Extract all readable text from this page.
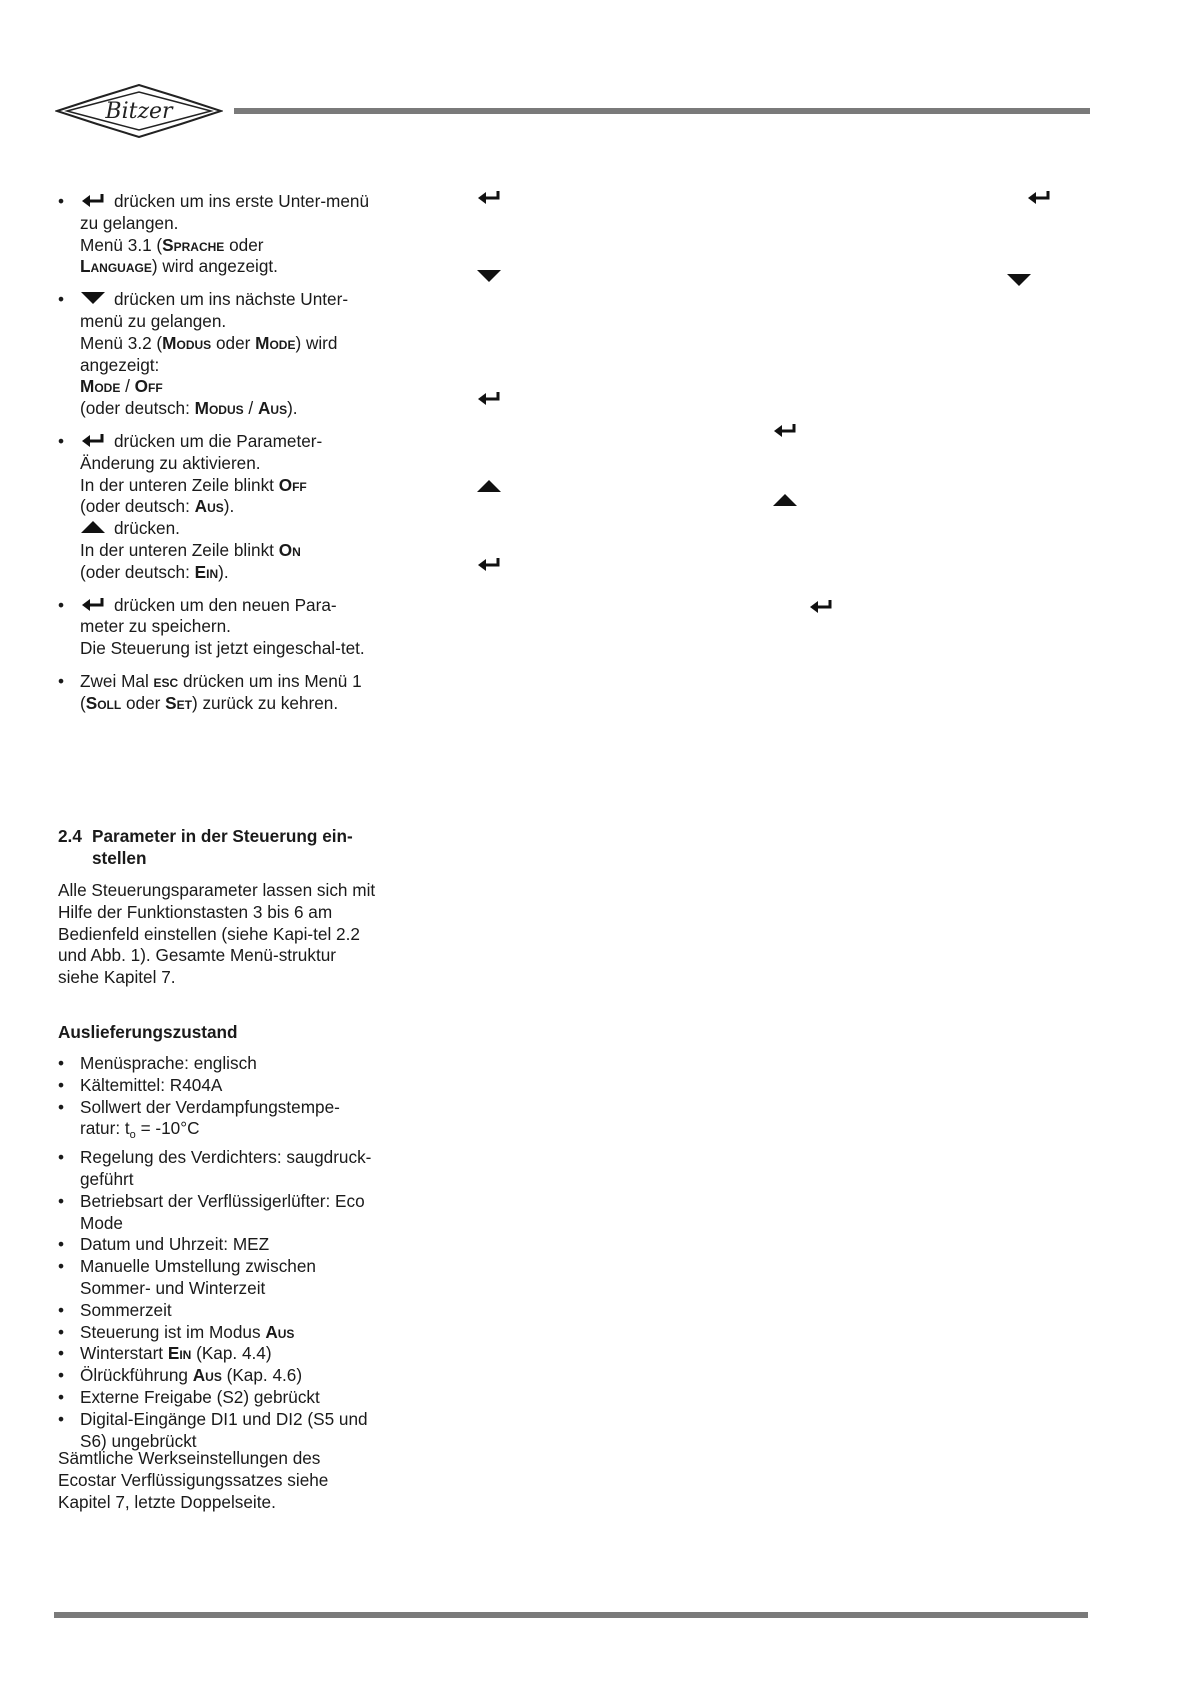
Bitzer
• drücken um ins erste Unter-menü zu gelangen.
Menü 3.1 (Sprache oder
Language) wird angezeigt.
• drücken um ins nächste Unter-menü zu gelangen.
Menü 3.2 (Modus oder Mode) wird angezeigt:
Mode / Off
(oder deutsch: Modus / Aus).
• drücken um die Parameter-Änderung zu aktivieren.
In der unteren Zeile blinkt Off
(oder deutsch: Aus).

drücken.
In der unteren Zeile blinkt On
(oder deutsch: Ein).
• drücken um den neuen Para-meter zu speichern.
Die Steuerung ist jetzt eingeschal-tet.
• Zwei Mal esc drücken um ins Menü 1 (Soll oder Set) zurück zu kehren.
2.4 Parameter in der Steuerung ein-
stellen
Alle Steuerungsparameter lassen sich mit Hilfe der Funktionstasten 3 bis 6 am Bedienfeld einstellen (siehe Kapi-tel 2.2 und Abb. 1). Gesamte Menü-struktur siehe Kapitel 7.
Auslieferungszustand
• Menüsprache: englisch
• Kältemittel: R404A
• Sollwert der Verdampfungstempe-ratur: $t_o = -10^\circ C$
• Regelung des Verdichters: saugdruck-geführt
• Betriebsart der Verflüssigerlüfter: Eco Mode
• Datum und Uhrzeit: MEZ
• Manuelle Umstellung zwischen Sommer- und Winterzeit
• Sommerzeit
• Steuerung ist im Modus Aus
• Winterstart Ein (Kap. 4.4)
• Ölrückführung Aus (Kap. 4.6)
• Externe Freigabe (S2) gebrückt
• Digital-Eingänge DI1 und DI2 (S5 und S6) ungebrückt
Sämtliche Werkseinstellungen des Ecostar Verflüssigungssatzes siehe Kapitel 7, letzte Doppelseite.
